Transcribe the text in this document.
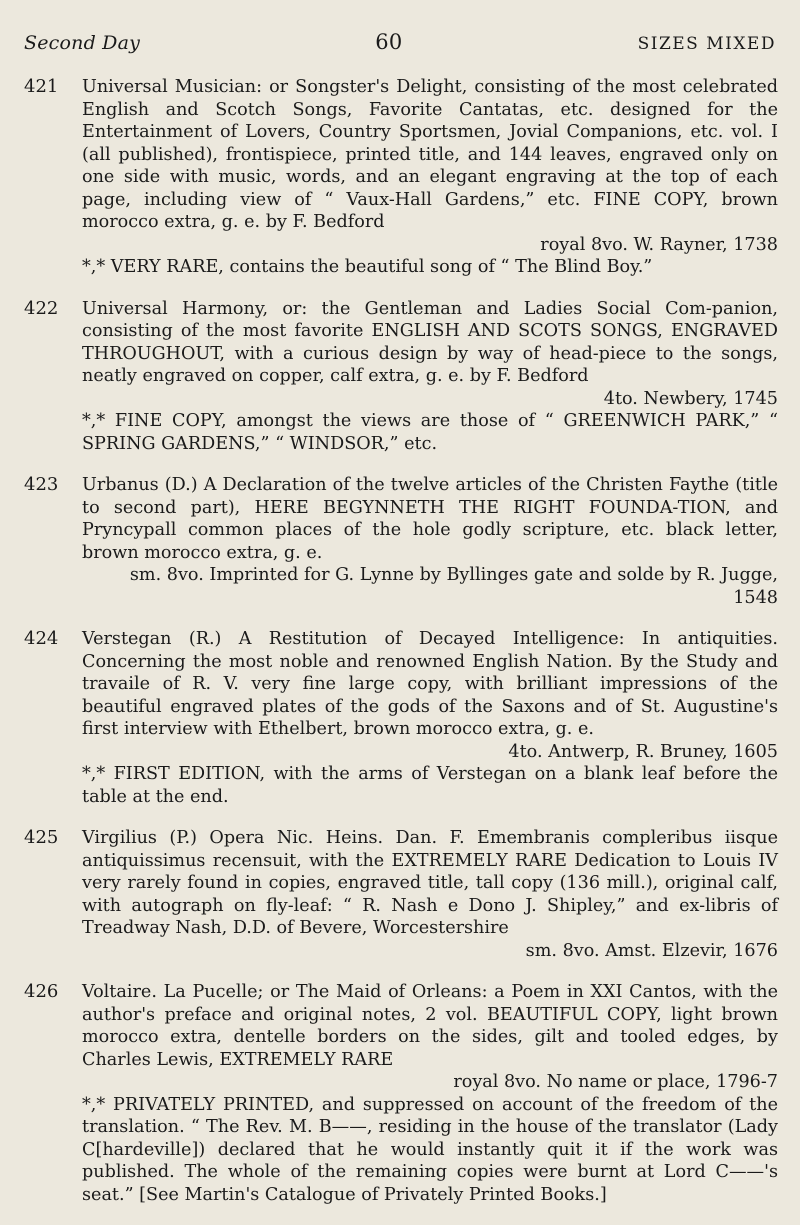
Second Day	60	SIZES MIXED
421	Universal Musician: or Songster's Delight, consisting of the most celebrated English and Scotch Songs, Favorite Cantatas, etc. designed for the Entertainment of Lovers, Country Sportsmen, Jovial Companions, etc. vol. I (all published), frontispiece, printed title, and 144 leaves, engraved only on one side with music, words, and an elegant engraving at the top of each page, including view of “ Vaux-Hall Gardens,” etc. FINE COPY, brown morocco extra, g. e. by F. Bedford

royal 8vo. W. Rayner, 1738

*,* VERY RARE, contains the beautiful song of “ The Blind Boy.”

422	Universal Harmony, or: the Gentleman and Ladies Social Com-panion, consisting of the most favorite ENGLISH AND SCOTS SONGS, ENGRAVED THROUGHOUT, with a curious design by way of head-piece to the songs, neatly engraved on copper, calf extra, g. e. by F. Bedford

4to. Newbery, 1745

*,* FINE COPY, amongst the views are those of “ GREENWICH PARK,” “ SPRING GARDENS,” “ WINDSOR,” etc.

423	Urbanus (D.) A Declaration of the twelve articles of the Christen Faythe (title to second part), HERE BEGYNNETH THE RIGHT FOUNDA-TION, and Prynсypall common places of the hole godly scripture, etc. black letter, brown morocco extra, g. e.

sm. 8vo. Imprinted for G. Lynne by Byllinges gate and solde by R. Jugge, 1548

424	Verstegan (R.) A Restitution of Decayed Intelligence: In antiquities. Concerning the most noble and renowned English Nation. By the Study and travaile of R. V. very fine large copy, with brilliant impressions of the beautiful engraved plates of the gods of the Saxons and of St. Augustine's first interview with Ethelbert, brown morocco extra, g. e.

4to. Antwerp, R. Bruney, 1605

*,* FIRST EDITION, with the arms of Verstegan on a blank leaf before the table at the end.

425	Virgilius (P.) Opera Nic. Heins. Dan. F. Emembranis compleribus iisque antiquissimus recensuit, with the EXTREMELY RARE Dedication to Louis IV very rarely found in copies, engraved title, tall copy (136 mill.), original calf, with autograph on fly-leaf: “ R. Nash e Dono J. Shipley,” and ex-libris of Treadway Nash, D.D. of Bevere, Worcestershire

sm. 8vo. Amst. Elzevir, 1676

426	Voltaire. La Pucelle; or The Maid of Orleans: a Poem in XXI Cantos, with the author's preface and original notes, 2 vol. BEAUTIFUL COPY, light brown morocco extra, dentelle borders on the sides, gilt and tooled edges, by Charles Lewis, EXTREMELY RARE

royal 8vo. No name or place, 1796-7

*,* PRIVATELY PRINTED, and suppressed on account of the freedom of the translation. “ The Rev. M. B——, residing in the house of the translator (Lady C[hardeville]) declared that he would instantly quit it if the work was published. The whole of the remaining copies were burnt at Lord C——'s seat.” [See Martin's Catalogue of Privately Printed Books.]
